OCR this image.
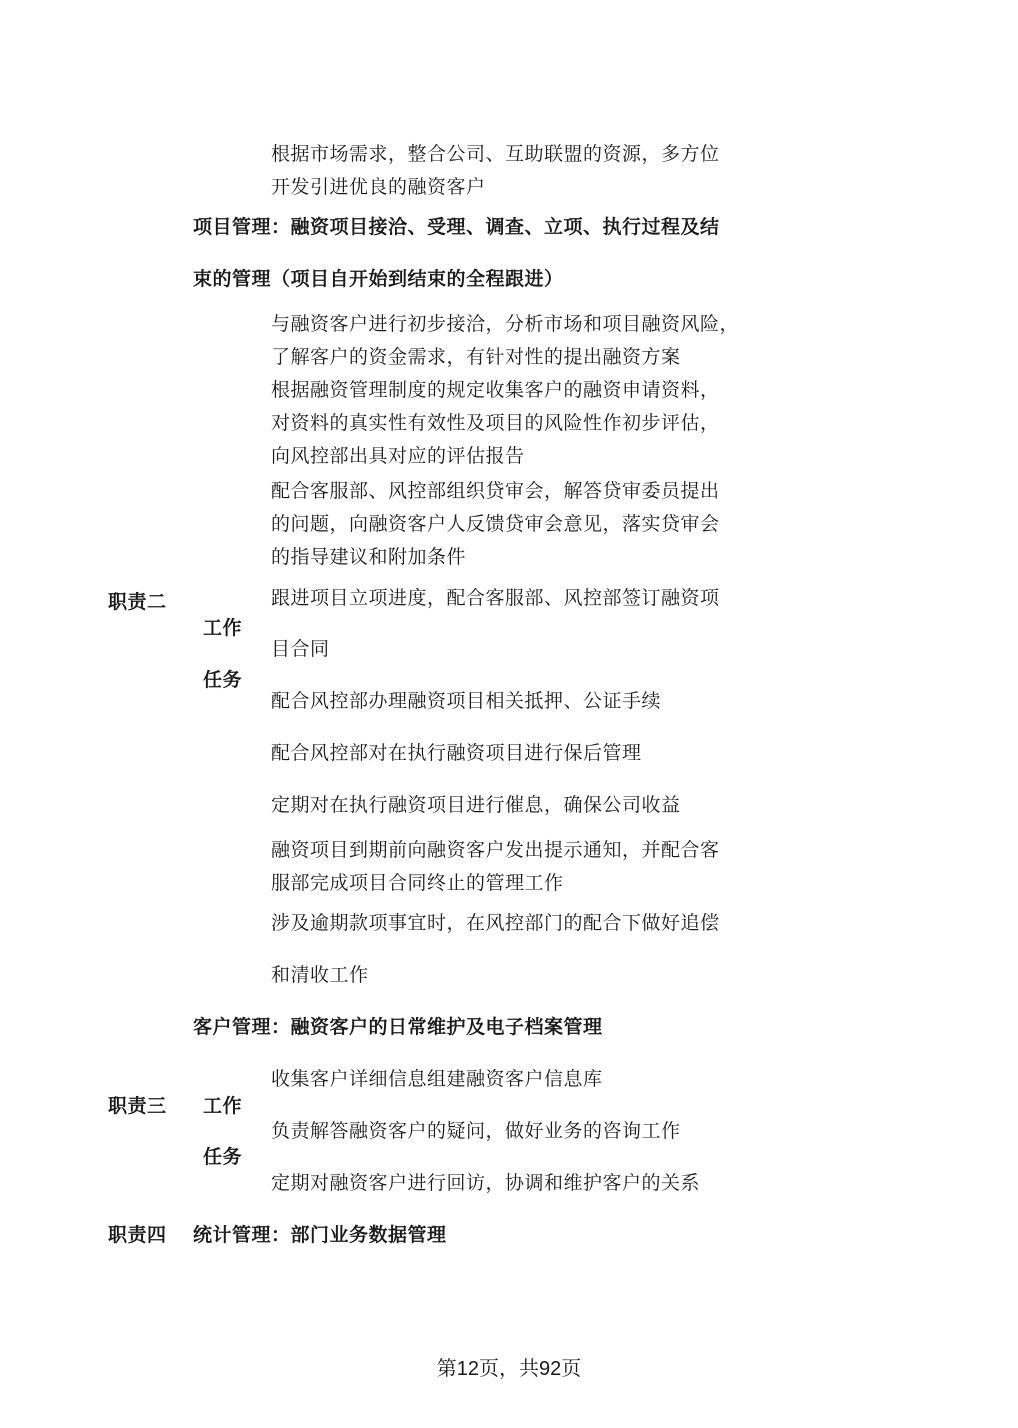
根据市场需求，整合公司、互助联盟的资源，多方位
开发引进优良的融资客户
项目管理：融资项目接洽、受理、调查、立项、执行过程及结
束的管理（项目自开始到结束的全程跟进）
与融资客户进行初步接洽，分析市场和项目融资风险，
了解客户的资金需求，有针对性的提出融资方案
根据融资管理制度的规定收集客户的融资申请资料，
对资料的真实性有效性及项目的风险性作初步评估，
向风控部出具对应的评估报告
配合客服部、风控部组织贷审会，解答贷审委员提出
的问题，向融资客户人反馈贷审会意见，落实贷审会
的指导建议和附加条件
职责二
工作
任务
跟进项目立项进度，配合客服部、风控部签订融资项
目合同
配合风控部办理融资项目相关抵押、公证手续
配合风控部对在执行融资项目进行保后管理
定期对在执行融资项目进行催息，确保公司收益
融资项目到期前向融资客户发出提示通知，并配合客
服部完成项目合同终止的管理工作
涉及逾期款项事宜时，在风控部门的配合下做好追偿
和清收工作
客户管理：融资客户的日常维护及电子档案管理
收集客户详细信息组建融资客户信息库
职责三 工作
负责解答融资客户的疑问，做好业务的咨询工作
任务
定期对融资客户进行回访，协调和维护客户的关系
职责四 统计管理：部门业务数据管理
第12页，共92页
